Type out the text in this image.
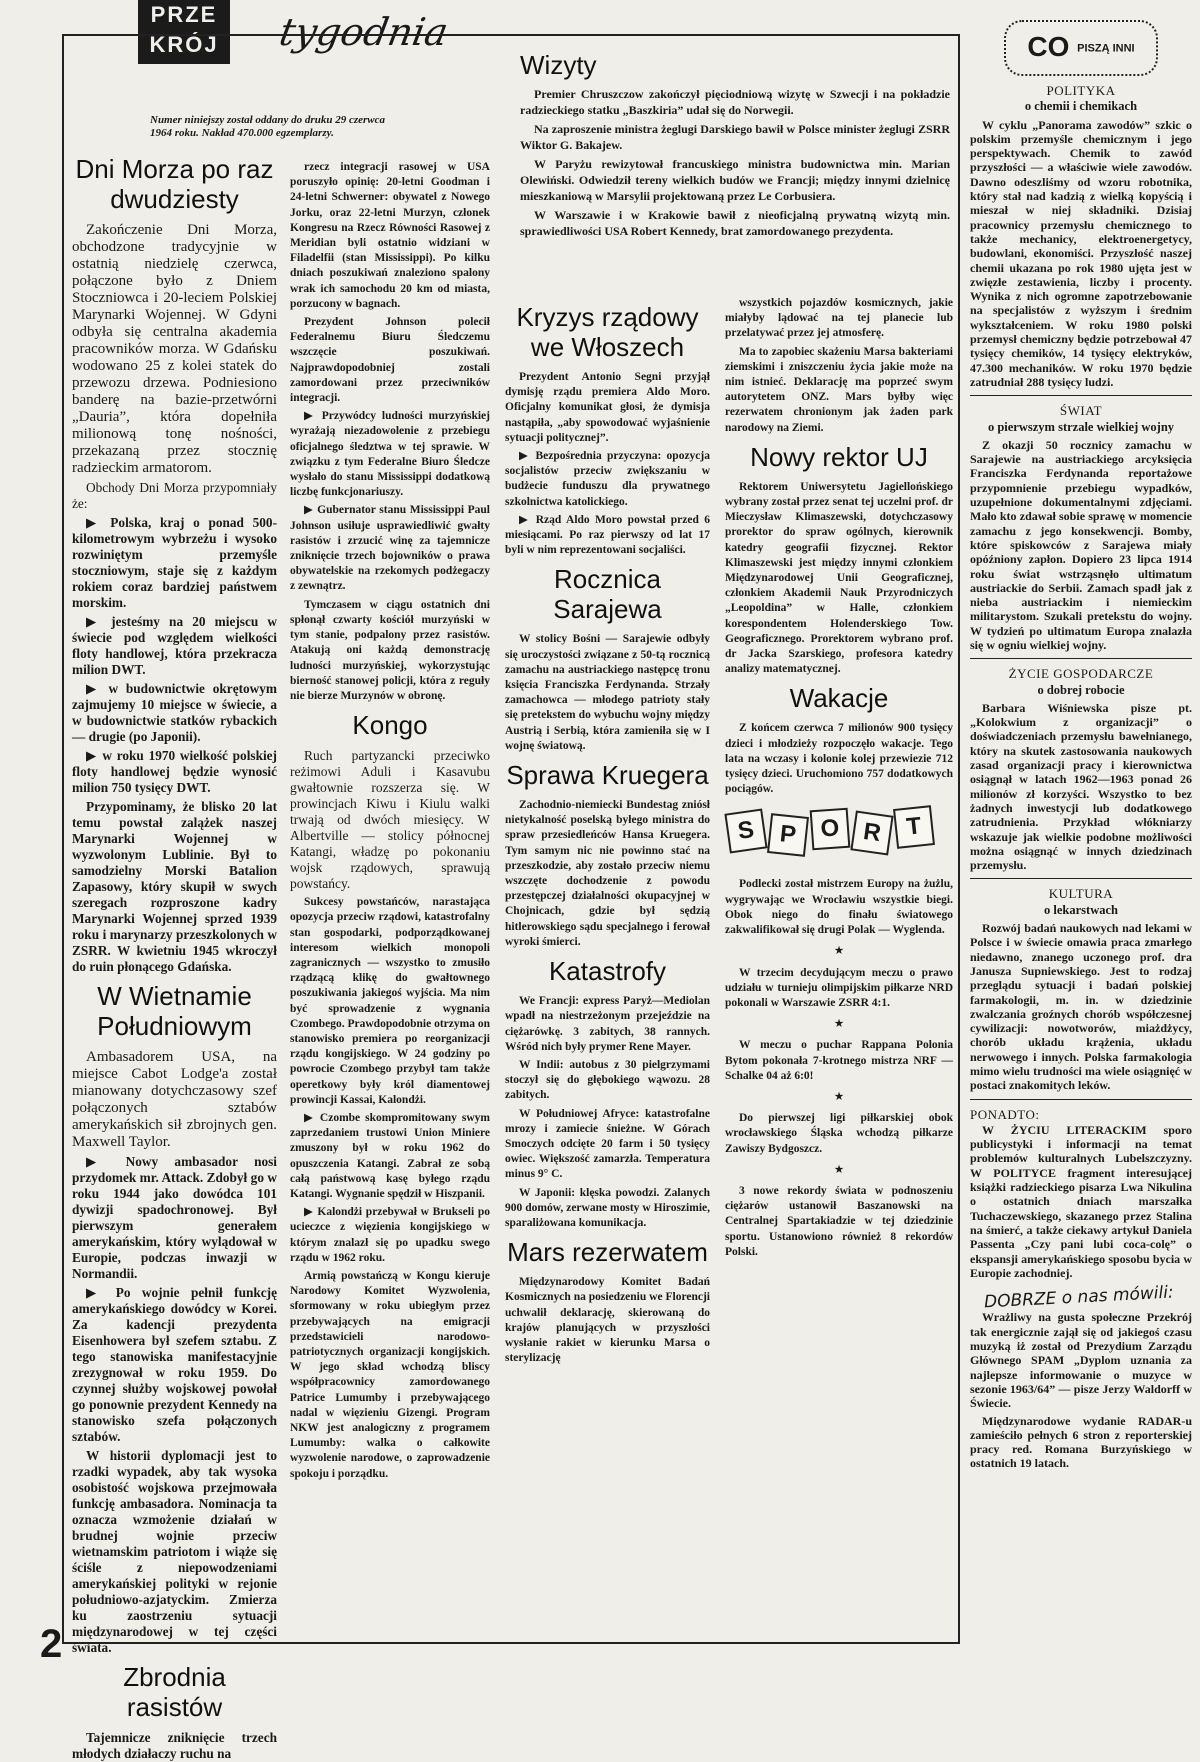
PRZE
KRÓJ	tygodnia
Numer niniejszy został oddany do druku 29 czerwca 1964 roku. Nakład 470.000 egzemplarzy.
Dni Morza po raz dwudziesty

Zakończenie Dni Morza, obchodzone tradycyjnie w ostatnią niedzielę czerwca, połączone było z Dniem Stoczniowca i 20-leciem Polskiej Marynarki Wojennej. W Gdyni odbyła się centralna akademia pracowników morza. W Gdańsku wodowano 25 z kolei statek do przewozu drzewa. Podniesiono banderę na bazie-przetwórni „Dauria”, która dopełniła milionową tonę nośności, przekazaną przez stocznię radzieckim armatorom.

Obchody Dni Morza przypomniały że:

▶ Polska, kraj o ponad 500-kilometrowym wybrzeżu i wysoko rozwiniętym przemyśle stoczniowym, staje się z każdym rokiem coraz bardziej państwem morskim.

▶ jesteśmy na 20 miejscu w świecie pod względem wielkości floty handlowej, która przekracza milion DWT.

▶ w budownictwie okrętowym zajmujemy 10 miejsce w świecie, a w budownictwie statków rybackich — drugie (po Japonii).

▶ w roku 1970 wielkość polskiej floty handlowej będzie wynosić milion 750 tysięcy DWT.

Przypominamy, że blisko 20 lat temu powstał zalążek naszej Marynarki Wojennej w wyzwolonym Lublinie. Był to samodzielny Morski Batalion Zapasowy, który skupił w swych szeregach rozproszone kadry Marynarki Wojennej sprzed 1939 roku i marynarzy przeszkolonych w ZSRR. W kwietniu 1945 wkroczył do ruin płonącego Gdańska.

W Wietnamie Południowym

Ambasadorem USA, na miejsce Cabot Lodge'a został mianowany dotychczasowy szef połączonych sztabów amerykańskich sił zbrojnych gen. Maxwell Taylor.

▶ Nowy ambasador nosi przydomek mr. Attack. Zdobył go w roku 1944 jako dowódca 101 dywizji spadochronowej. Był pierwszym generałem amerykańskim, który wylądował w Europie, podczas inwazji w Normandii.

▶ Po wojnie pełnił funkcję amerykańskiego dowódcy w Korei. Za kadencji prezydenta Eisenhowera był szefem sztabu. Z tego stanowiska manifestacyjnie zrezygnował w roku 1959. Do czynnej służby wojskowej powołał go ponownie prezydent Kennedy na stanowisko szefa połączonych sztabów.

W historii dyplomacji jest to rzadki wypadek, aby tak wysoka osobistość wojskowa przejmowała funkcję ambasadora. Nominacja ta oznacza wzmożenie działań w brudnej wojnie przeciw wietnamskim patriotom i wiąże się ściśle z niepowodzeniami amerykańskiej polityki w rejonie południowo-azjatyckim. Zmierza ku zaostrzeniu sytuacji międzynarodowej w tej części świata.

Zbrodnia rasistów

Tajemnicze zniknięcie trzech młodych działaczy ruchu na

rzecz integracji rasowej w USA poruszyło opinię: 20-letni Goodman i 24-letni Schwerner: obywatel z Nowego Jorku, oraz 22-letni Murzyn, członek Kongresu na Rzecz Równości Rasowej z Meridian byli ostatnio widziani w Filadelfii (stan Mississippi). Po kilku dniach poszukiwań znaleziono spalony wrak ich samochodu 20 km od miasta, porzucony w bagnach.

Prezydent Johnson polecił Federalnemu Biuru Śledczemu wszczęcie poszukiwań. Najprawdopodobniej zostali zamordowani przez przeciwników integracji.

▶ Przywódcy ludności murzyńskiej wyrażają niezadowolenie z przebiegu oficjalnego śledztwa w tej sprawie. W związku z tym Federalne Biuro Śledcze wysłało do stanu Mississippi dodatkową liczbę funkcjonariuszy.

▶ Gubernator stanu Mississippi Paul Johnson usiłuje usprawiedliwić gwałty rasistów i zrzucić winę za tajemnicze zniknięcie trzech bojowników o prawa obywatelskie na rzekomych podżegaczy z zewnątrz.

Tymczasem w ciągu ostatnich dni spłonął czwarty kościół murzyński w tym stanie, podpalony przez rasistów. Atakują oni każdą demonstrację ludności murzyńskiej, wykorzystując bierność stanowej policji, która z reguły nie bierze Murzynów w obronę.

Kongo

Ruch partyzancki przeciwko reżimowi Aduli i Kasavubu gwałtownie rozszerza się. W prowincjach Kiwu i Kiulu walki trwają od dwóch miesięcy. W Albertville — stolicy północnej Katangi, władzę po pokonaniu wojsk rządowych, sprawują powstańcy.

Sukcesy powstańców, narastająca opozycja przeciw rządowi, katastrofalny stan gospodarki, podporządkowanej interesom wielkich monopoli zagranicznych — wszystko to zmusiło rządzącą klikę do gwałtownego poszukiwania jakiegoś wyjścia. Ma nim być sprowadzenie z wygnania Czombego. Prawdopodobnie otrzyma on stanowisko premiera po reorganizacji rządu kongijskiego. W 24 godziny po powrocie Czombego przybył tam także operetkowy były król diamentowej prowincji Kassai, Kalondżi.

▶ Czombe skompromitowany swym zaprzedaniem trustowi Union Miniere zmuszony był w roku 1962 do opuszczenia Katangi. Zabrał ze sobą całą państwową kasę byłego rządu Katangi. Wygnanie spędził w Hiszpanii.

▶ Kalondżi przebywał w Brukseli po ucieczce z więzienia kongijskiego w którym znalazł się po upadku swego rządu w 1962 roku.

Armią powstańczą w Kongu kieruje Narodowy Komitet Wyzwolenia, sformowany w roku ubiegłym przez przebywających na emigracji przedstawicieli narodowo-patriotycznych organizacji kongijskich. W jego skład wchodzą bliscy współpracownicy zamordowanego Patrice Lumumby i przebywającego nadal w więzieniu Gizengi. Program NKW jest analogiczny z programem Lumumby: walka o całkowite wyzwolenie narodowe, o zaprowadzenie spokoju i porządku.

Wizyty

Premier Chruszczow zakończył pięciodniową wizytę w Szwecji i na pokładzie radzieckiego statku „Baszkiria” udał się do Norwegii.

Na zaproszenie ministra żeglugi Darskiego bawił w Polsce minister żeglugi ZSRR Wiktor G. Bakajew.

W Paryżu rewizytował francuskiego ministra budownictwa min. Marian Olewiński. Odwiedził tereny wielkich budów we Francji; między innymi dzielnicę mieszkaniową w Marsylii projektowaną przez Le Corbusiera.

W Warszawie i w Krakowie bawił z nieoficjalną prywatną wizytą min. sprawiedliwości USA Robert Kennedy, brat zamordowanego prezydenta.

Kryzys rządowy we Włoszech

Prezydent Antonio Segni przyjął dymisję rządu premiera Aldo Moro. Oficjalny komunikat głosi, że dymisja nastąpiła, „aby spowodować wyjaśnienie sytuacji politycznej”.

▶ Bezpośrednia przyczyna: opozycja socjalistów przeciw zwiększaniu w budżecie funduszu dla prywatnego szkolnictwa katolickiego.

▶ Rząd Aldo Moro powstał przed 6 miesiącami. Po raz pierwszy od lat 17 byli w nim reprezentowani socjaliści.

Rocznica Sarajewa

W stolicy Bośni — Sarajewie odbyły się uroczystości związane z 50-tą rocznicą zamachu na austriackiego następcę tronu księcia Franciszka Ferdynanda. Strzały zamachowca — młodego patrioty stały się pretekstem do wybuchu wojny między Austrią i Serbią, która zamieniła się w I wojnę światową.

Sprawa Kruegera

Zachodnio-niemiecki Bundestag zniósł nietykalność poselską byłego ministra do spraw przesiedleńców Hansa Kruegera. Tym samym nic nie powinno stać na przeszkodzie, aby zostało przeciw niemu wszczęte dochodzenie z powodu przestępczej działalności okupacyjnej w Chojnicach, gdzie był sędzią hitlerowskiego sądu specjalnego i ferował wyroki śmierci.

Katastrofy

We Francji: express Paryż—Mediolan wpadł na niestrzeżonym przejeździe na ciężarówkę. 3 zabitych, 38 rannych. Wśród nich były prymer Rene Mayer.

W Indii: autobus z 30 pielgrzymami stoczył się do głębokiego wąwozu. 28 zabitych.

W Południowej Afryce: katastrofalne mrozy i zamiecie śnieżne. W Górach Smoczych odcięte 20 farm i 50 tysięcy owiec. Większość zamarzła. Temperatura minus 9° C.

W Japonii: klęska powodzi. Zalanych 900 domów, zerwane mosty w Hiroszimie, sparaliżowana komunikacja.

Mars rezerwatem

Międzynarodowy Komitet Badań Kosmicznych na posiedzeniu we Florencji uchwalił deklarację, skierowaną do krajów planujących w przyszłości wysłanie rakiet w kierunku Marsa o sterylizację

wszystkich pojazdów kosmicznych, jakie miałyby lądować na tej planecie lub przelatywać przez jej atmosferę.

Ma to zapobiec skażeniu Marsa bakteriami ziemskimi i zniszczeniu życia jakie może na nim istnieć. Deklarację ma poprzeć swym autorytetem ONZ. Mars byłby więc rezerwatem chronionym jak żaden park narodowy na Ziemi.

Nowy rektor UJ

Rektorem Uniwersytetu Jagiellońskiego wybrany został przez senat tej uczelni prof. dr Mieczysław Klimaszewski, dotychczasowy prorektor do spraw ogólnych, kierownik katedry geografii fizycznej. Rektor Klimaszewski jest między innymi członkiem Międzynarodowej Unii Geograficznej, członkiem Akademii Nauk Przyrodniczych „Leopoldina” w Halle, członkiem korespondentem Holenderskiego Tow. Geograficznego. Prorektorem wybrano prof. dr Jacka Szarskiego, profesora katedry analizy matematycznej.

Wakacje

Z końcem czerwca 7 milionów 900 tysięcy dzieci i młodzieży rozpoczęło wakacje. Tego lata na wczasy i kolonie kolej przewiezie 712 tysięcy dzieci. Uruchomiono 757 dodatkowych pociągów.

S P O R T

Podlecki został mistrzem Europy na żużlu, wygrywając we Wrocławiu wszystkie biegi. Obok niego do finału światowego zakwalifikował się drugi Polak — Wyglenda.

★

W trzecim decydującym meczu o prawo udziału w turnieju olimpijskim piłkarze NRD pokonali w Warszawie ZSRR 4:1.

★

W meczu o puchar Rappana Polonia Bytom pokonała 7-krotnego mistrza NRF — Schalke 04 aż 6:0!

★

Do pierwszej ligi piłkarskiej obok wrocławskiego Śląska wchodzą piłkarze Zawiszy Bydgoszcz.

★

3 nowe rekordy świata w podnoszeniu ciężarów ustanowił Baszanowski na Centralnej Spartakiadzie w tej dziedzinie sportu. Ustanowiono również 8 rekordów Polski.

CO PISZĄ INNI
POLITYKA
o chemii i chemikach

W cyklu „Panorama zawodów” szkic o polskim przemyśle chemicznym i jego perspektywach. Chemik to zawód przyszłości — a właściwie wiele zawodów. Dawno odeszliśmy od wzoru robotnika, który stał nad kadzią z wielką kopyścią i mieszał w niej składniki. Dzisiaj pracownicy przemysłu chemicznego to także mechanicy, elektroenergetycy, budowlani, ekonomiści. Przyszłość naszej chemii ukazana po rok 1980 ujęta jest w zwięzłe zestawienia, liczby i procenty. Wynika z nich ogromne zapotrzebowanie na specjalistów z wyższym i średnim wykształceniem. W roku 1980 polski przemysł chemiczny będzie potrzebował 47 tysięcy chemików, 14 tysięcy elektryków, 47.300 mechaników. W roku 1970 będzie zatrudniał 288 tysięcy ludzi.

ŚWIAT
o pierwszym strzale wielkiej wojny

Z okazji 50 rocznicy zamachu w Sarajewie na austriackiego arcyksięcia Franciszka Ferdynanda reportażowe przypomnienie przebiegu wypadków, uzupełnione dokumentalnymi zdjęciami. Mało kto zdawał sobie sprawę w momencie zamachu z jego konsekwencji. Bomby, które spiskowców z Sarajewa miały opóźniony zapłon. Dopiero 23 lipca 1914 roku świat wstrząsnęło ultimatum austriackie do Serbii. Zamach spadł jak z nieba austriackim i niemieckim militarystom. Szukali pretekstu do wojny. W tydzień po ultimatum Europa znalazła się w ogniu wielkiej wojny.

ŻYCIE GOSPODARCZE
o dobrej robocie

Barbara Wiśniewska pisze pt. „Kolokwium z organizacji” o doświadczeniach przemysłu bawełnianego, który na skutek zastosowania naukowych zasad organizacji pracy i kierownictwa osiągnął w latach 1962—1963 ponad 26 milionów zł korzyści. Wszystko to bez żadnych inwestycji lub dodatkowego zatrudnienia. Przykład włókniarzy wskazuje jak wielkie podobne możliwości można osiągnąć w innych dziedzinach przemysłu.

KULTURA
o lekarstwach

Rozwój badań naukowych nad lekami w Polsce i w świecie omawia praca zmarłego niedawno, znanego uczonego prof. dra Janusza Supniewskiego. Jest to rodzaj przeglądu sytuacji i badań polskiej farmakologii, m. in. w dziedzinie zwalczania groźnych chorób współczesnej cywilizacji: nowotworów, miażdżycy, chorób układu krążenia, układu nerwowego i innych. Polska farmakologia mimo wielu trudności ma wiele osiągnięć w postaci znakomitych leków.

PONADTO:

W ŻYCIU LITERACKIM sporo publicystyki i informacji na temat problemów kulturalnych Lubelszczyzny. W POLITYCE fragment interesującej książki radzieckiego pisarza Lwa Nikulina o ostatnich dniach marszałka Tuchaczewskiego, skazanego przez Stalina na śmierć, a także ciekawy artykuł Daniela Passenta „Czy pani lubi coca-colę” o ekspansji amerykańskiego sposobu bycia w Europie zachodniej.

DOBRZE o nas mówili:

Wrażliwy na gusta społeczne Przekrój tak energicznie zajął się od jakiegoś czasu muzyką iż został od Prezydium Zarządu Głównego SPAM „Dyplom uznania za najlepsze informowanie o muzyce w sezonie 1963/64” — pisze Jerzy Waldorff w Świecie.

Międzynarodowe wydanie RADAR-u zamieściło pełnych 6 stron z reporterskiej pracy red. Romana Burzyńskiego w ostatnich 19 latach.

2
